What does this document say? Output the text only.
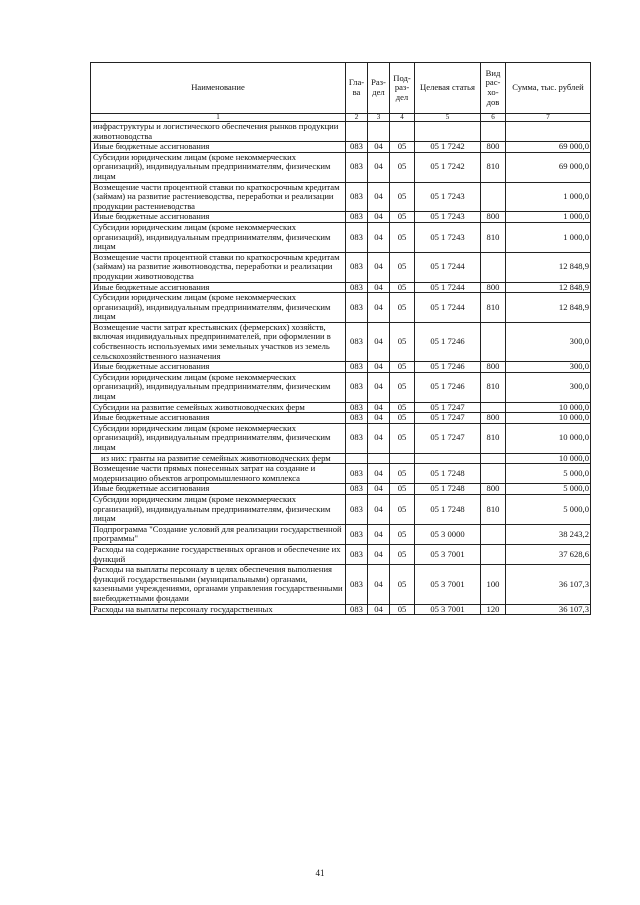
Наименование	Гла-ва	Раз-дел	Под-раз-дел	Целевая статья	Вид рас-хо-дов	Сумма, тыс. рублей
1	2	3	4	5	6	7
инфраструктуры и логистического обеспечения рынков продукции животноводства						
Иные бюджетные ассигнования	083	04	05	05 1 7242	800	69 000,0
Субсидии юридическим лицам (кроме некоммерческих организаций), индивидуальным предпринимателям, физическим лицам	083	04	05	05 1 7242	810	69 000,0
Возмещение части процентной ставки по краткосрочным кредитам (займам) на развитие растениеводства, переработки и реализации продукции растениеводства	083	04	05	05 1 7243		1 000,0
Иные бюджетные ассигнования	083	04	05	05 1 7243	800	1 000,0
Субсидии юридическим лицам (кроме некоммерческих организаций), индивидуальным предпринимателям, физическим лицам	083	04	05	05 1 7243	810	1 000,0
Возмещение части процентной ставки по краткосрочным кредитам (займам) на развитие животноводства, переработки и реализации продукции животноводства	083	04	05	05 1 7244		12 848,9
Иные бюджетные ассигнования	083	04	05	05 1 7244	800	12 848,9
Субсидии юридическим лицам (кроме некоммерческих организаций), индивидуальным предпринимателям, физическим лицам	083	04	05	05 1 7244	810	12 848,9
Возмещение части затрат крестьянских (фермерских) хозяйств, включая индивидуальных предпринимателей, при оформлении в собственность используемых ими земельных участков из земель сельскохозяйственного назначения	083	04	05	05 1 7246		300,0
Иные бюджетные ассигнования	083	04	05	05 1 7246	800	300,0
Субсидии юридическим лицам (кроме некоммерческих организаций), индивидуальным предпринимателям, физическим лицам	083	04	05	05 1 7246	810	300,0
Субсидии на развитие семейных животноводческих ферм	083	04	05	05 1 7247		10 000,0
Иные бюджетные ассигнования	083	04	05	05 1 7247	800	10 000,0
Субсидии юридическим лицам (кроме некоммерческих организаций), индивидуальным предпринимателям, физическим лицам	083	04	05	05 1 7247	810	10 000,0
из них: гранты на развитие семейных животноводческих ферм						10 000,0
Возмещение части прямых понесенных затрат на создание и модернизацию объектов агропромышленного комплекса	083	04	05	05 1 7248		5 000,0
Иные бюджетные ассигнования	083	04	05	05 1 7248	800	5 000,0
Субсидии юридическим лицам (кроме некоммерческих организаций), индивидуальным предпринимателям, физическим лицам	083	04	05	05 1 7248	810	5 000,0
Подпрограмма "Создание условий для реализации государственной программы"	083	04	05	05 3 0000		38 243,2
Расходы на содержание государственных органов и обеспечение их функций	083	04	05	05 3 7001		37 628,6
Расходы на выплаты персоналу в целях обеспечения выполнения функций государственными (муниципальными) органами, казенными учреждениями, органами управления государственными внебюджетными фондами	083	04	05	05 3 7001	100	36 107,3
Расходы на выплаты персоналу государственных	083	04	05	05 3 7001	120	36 107,3
41
